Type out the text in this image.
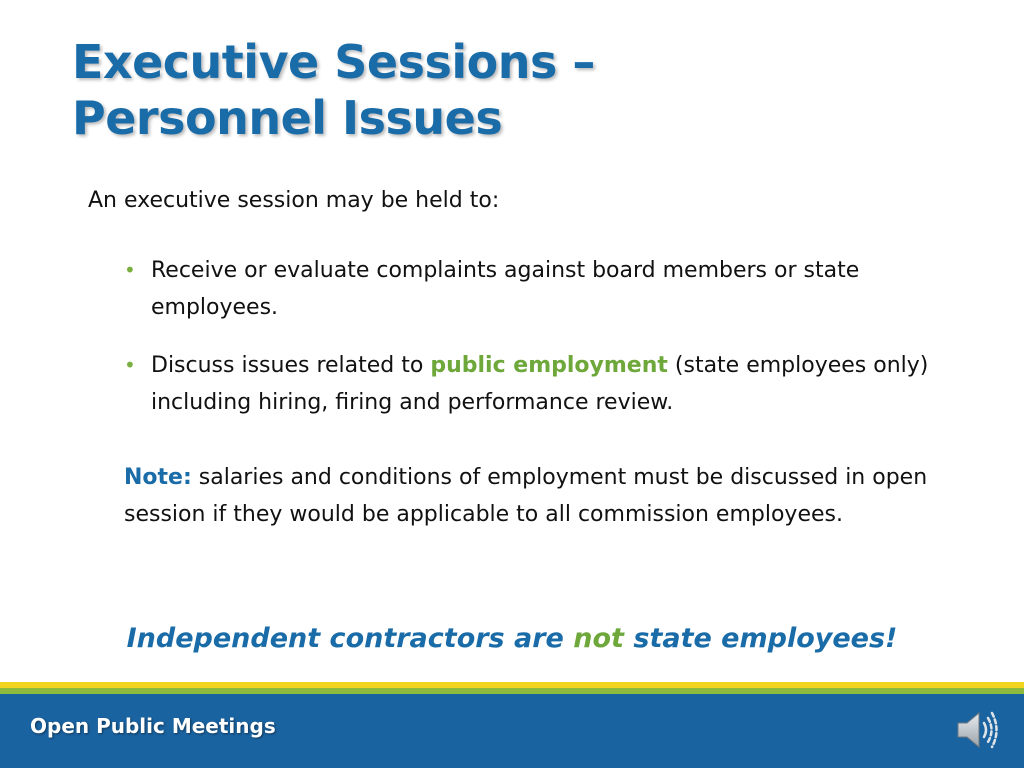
Executive Sessions –
Personnel Issues
An executive session may be held to:
• Receive or evaluate complaints against board members or state employees.
• Discuss issues related to public employment (state employees only) including hiring, firing and performance review.

Note: salaries and conditions of employment must be discussed in open session if they would be applicable to all commission employees.

Independent contractors are not state employees!
Open Public Meetings
